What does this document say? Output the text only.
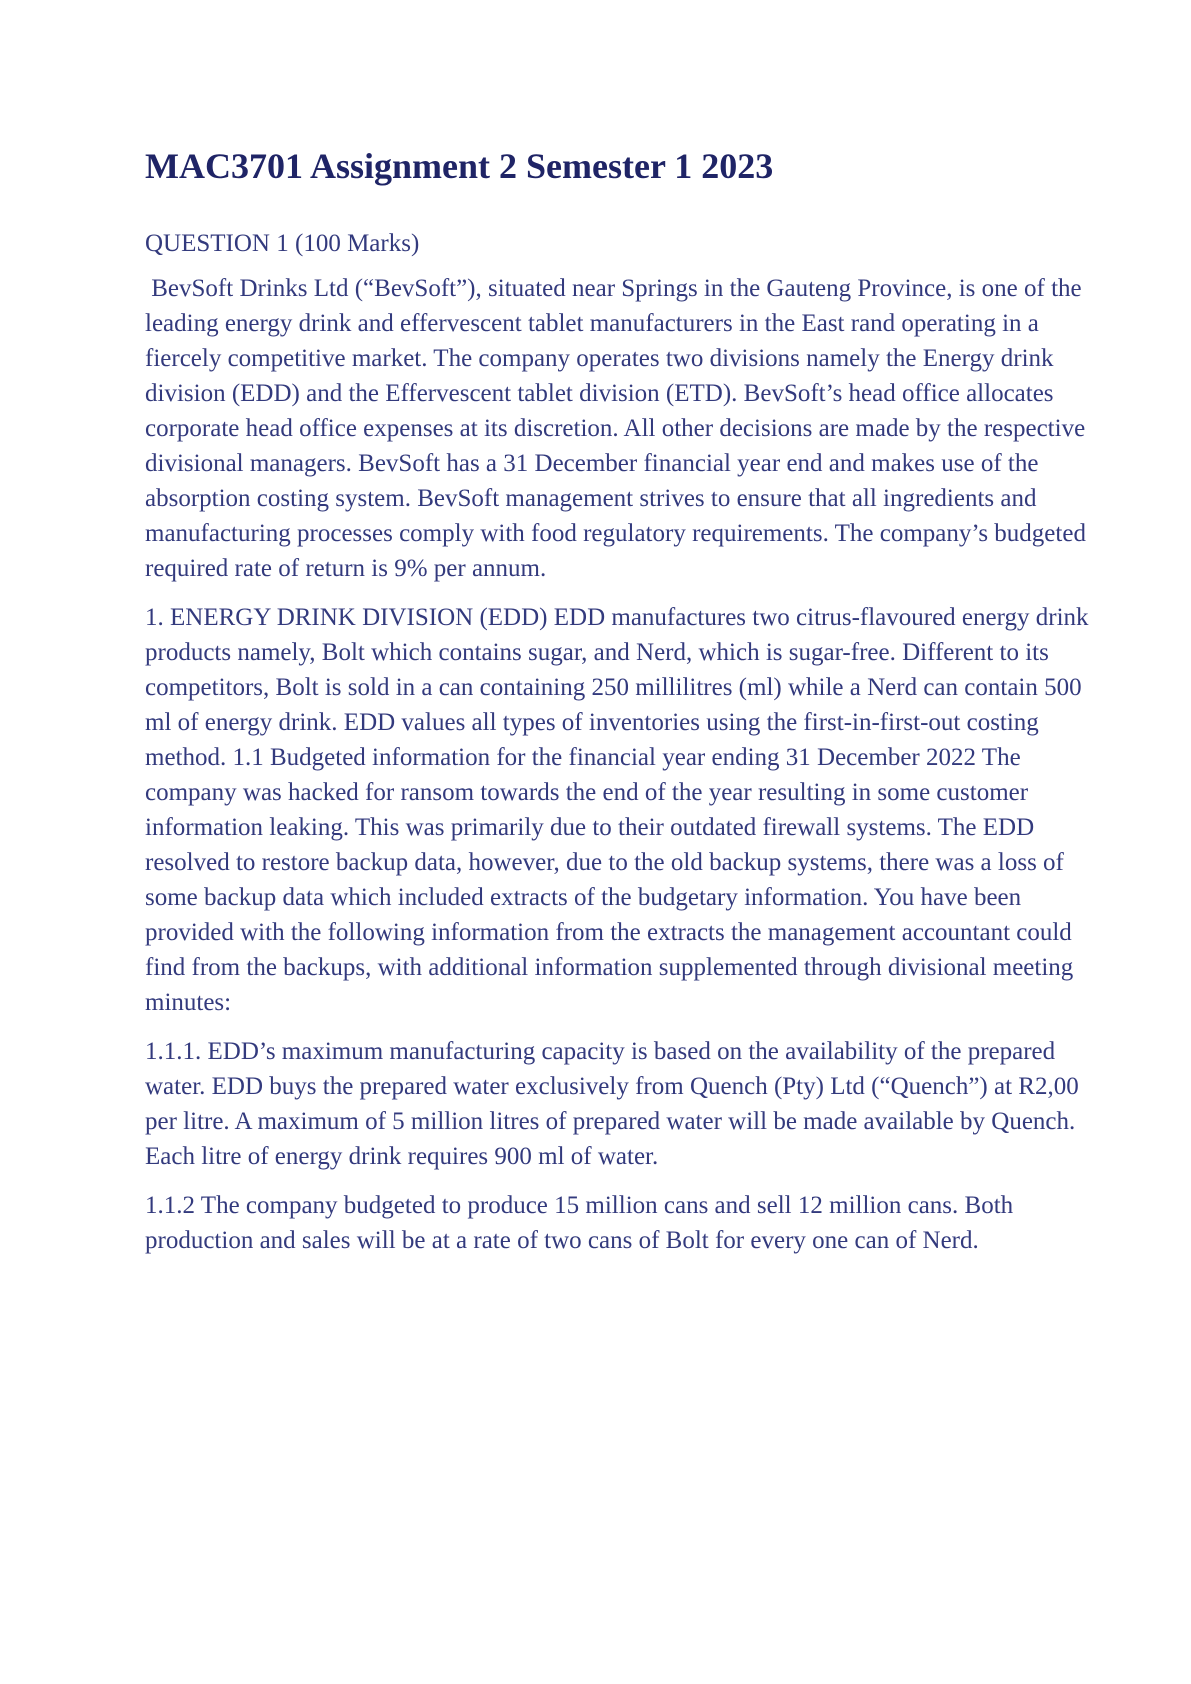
MAC3701 Assignment 2 Semester 1 2023

QUESTION 1 (100 Marks)

BevSoft Drinks Ltd (“BevSoft”), situated near Springs in the Gauteng Province, is one of the leading energy drink and effervescent tablet manufacturers in the East rand operating in a fiercely competitive market. The company operates two divisions namely the Energy drink division (EDD) and the Effervescent tablet division (ETD). BevSoft’s head office allocates corporate head office expenses at its discretion. All other decisions are made by the respective divisional managers. BevSoft has a 31 December financial year end and makes use of the absorption costing system. BevSoft management strives to ensure that all ingredients and manufacturing processes comply with food regulatory requirements. The company’s budgeted required rate of return is 9% per annum.

1. ENERGY DRINK DIVISION (EDD) EDD manufactures two citrus-flavoured energy drink products namely, Bolt which contains sugar, and Nerd, which is sugar-free. Different to its competitors, Bolt is sold in a can containing 250 millilitres (ml) while a Nerd can contain 500 ml of energy drink. EDD values all types of inventories using the first-in-first-out costing method. 1.1 Budgeted information for the financial year ending 31 December 2022 The company was hacked for ransom towards the end of the year resulting in some customer information leaking. This was primarily due to their outdated firewall systems. The EDD resolved to restore backup data, however, due to the old backup systems, there was a loss of some backup data which included extracts of the budgetary information. You have been provided with the following information from the extracts the management accountant could find from the backups, with additional information supplemented through divisional meeting minutes:

1.1.1. EDD’s maximum manufacturing capacity is based on the availability of the prepared water. EDD buys the prepared water exclusively from Quench (Pty) Ltd (“Quench”) at R2,00 per litre. A maximum of 5 million litres of prepared water will be made available by Quench. Each litre of energy drink requires 900 ml of water.

1.1.2 The company budgeted to produce 15 million cans and sell 12 million cans. Both production and sales will be at a rate of two cans of Bolt for every one can of Nerd.
